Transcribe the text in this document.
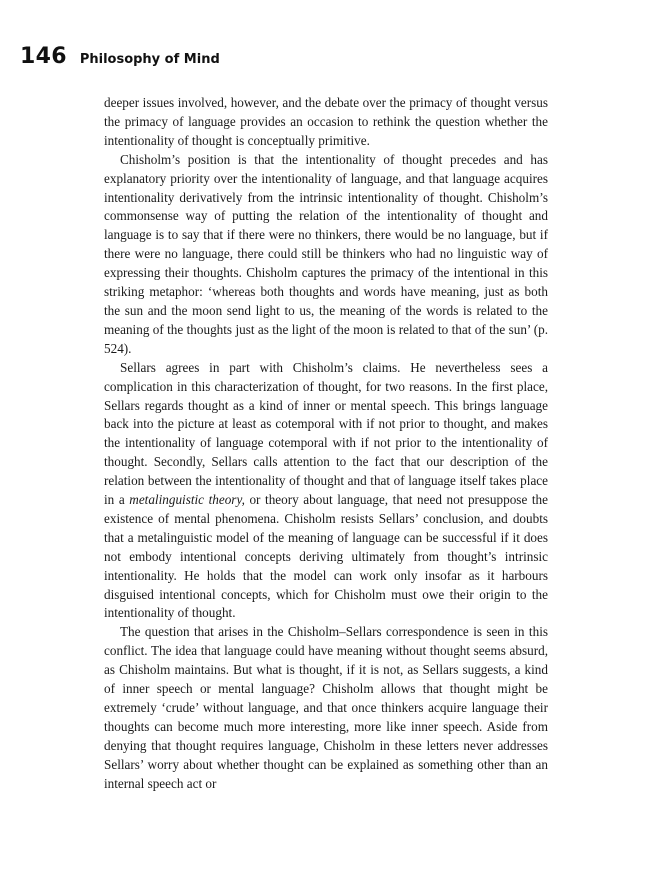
146 Philosophy of Mind

deeper issues involved, however, and the debate over the primacy of thought versus the primacy of language provides an occasion to rethink the question whether the intentionality of thought is conceptually primitive.

Chisholm’s position is that the intentionality of thought precedes and has explanatory priority over the intentionality of language, and that language acquires intentionality derivatively from the intrinsic intentionality of thought. Chisholm’s commonsense way of putting the relation of the intentionality of thought and language is to say that if there were no thinkers, there would be no language, but if there were no language, there could still be thinkers who had no linguistic way of expressing their thoughts. Chisholm captures the primacy of the intentional in this striking metaphor: ‘whereas both thoughts and words have meaning, just as both the sun and the moon send light to us, the meaning of the words is related to the meaning of the thoughts just as the light of the moon is related to that of the sun’ (p. 524).

Sellars agrees in part with Chisholm’s claims. He nevertheless sees a complication in this characterization of thought, for two reasons. In the first place, Sellars regards thought as a kind of inner or mental speech. This brings language back into the picture at least as cotemporal with if not prior to thought, and makes the intentionality of language cotemporal with if not prior to the intentionality of thought. Secondly, Sellars calls attention to the fact that our description of the relation between the intentionality of thought and that of language itself takes place in a metalinguistic theory, or theory about language, that need not presuppose the existence of mental phenomena. Chisholm resists Sellars’ conclusion, and doubts that a metalinguistic model of the meaning of language can be successful if it does not embody intentional concepts deriving ultimately from thought’s intrinsic intentionality. He holds that the model can work only insofar as it harbours disguised intentional concepts, which for Chisholm must owe their origin to the intentionality of thought.

The question that arises in the Chisholm–Sellars correspondence is seen in this conflict. The idea that language could have meaning without thought seems absurd, as Chisholm maintains. But what is thought, if it is not, as Sellars suggests, a kind of inner speech or mental language? Chisholm allows that thought might be extremely ‘crude’ without language, and that once thinkers acquire language their thoughts can become much more interesting, more like inner speech. Aside from denying that thought requires language, Chisholm in these letters never addresses Sellars’ worry about whether thought can be explained as something other than an internal speech act or
